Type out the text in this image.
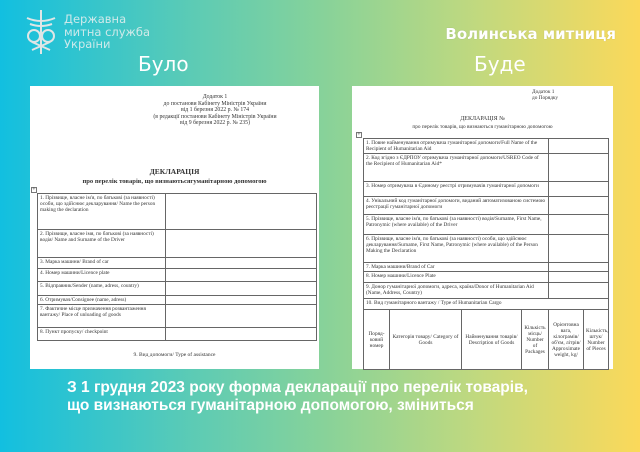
Державна
митна служба
України
Волинська митниця
Було	Буде
Додаток 1
до постанови Кабінету Міністрів України
від 1 березня 2022 р. № 174
(в редакції постанови Кабінету Міністрів України
від 9 березня 2022 р. № 235)
ДЕКЛАРАЦІЯ
про перелік товарів, що визнаютьсягуманітарною допомогою
+
1. Прізвище, власне ім'я, по батькові (за наявності) особи, що здійснює декларування/ Name the person making the declaration	
2. Прізвище, власне імя, по батькові (за наявності) водія/ Name and Surname of the Driver	
3. Марка машини/ Brand of car	
4. Номер машини/Licence plate	
5. Відправник/Sender (name, adress, country)	
6. Отримувач/Consignee (name, adress)	
7. Фактичне місце призначення розвантаження вантажу/ Place of unloading of goods	
8. Пункт пропуску/ checkpoint	
9. Вид допомоги/ Type of assistance
Додаток 1
до Порядку
ДЕКЛАРАЦІЯ №
про перелік товарів, що визнаються гуманітарною допомогою
+
1. Повне найменування отримувача гуманітарної допомоги/Full Name of the Recipient of Humanitarian Aid					
2. Код згідно з ЄДРПОУ отримувача гуманітарної допомоги/USREO Code of the Recipient of Humanitarian Aid*					
3. Номер отримувача в Єдиному реєстрі отримувачів гуманітарної допомоги					
4. Унікальний код гуманітарної допомоги, виданий автоматизованою системою реєстрації гуманітарної допомоги					
5. Прізвище, власне ім'я, по батькові (за наявності) водія/Surname, First Name, Patronymic (where available) of the Driver					
6. Прізвище, власне ім'я, по батькові (за наявності) особи, що здійснює декларування/Surname, First Name, Patronymic (where available) of the Person Making the Declaration					
7. Марка машини/Brand of Car					
8. Номер машини/Licence Plate					
9. Донор гуманітарної допомоги, адреса, країна/Donor of Humanitarian Aid (Name, Address, Country)					
10. Вид гуманітарного вантажу / Type of Humanitarian Cargo					
Поряд-ковий номер	Категорія товару/ Category of Goods	Найменування товарів/ Description of Goods	Кількість місць/ Number of Packages	Орієнтовна вага, кілограмів/ об'єм, літрів/ Approximate weight, kg/	Кількість, штук/ Number of Pieces
З 1 грудня 2023 року форма декларації про перелік товарів,
що визнаються гуманітарною допомогою, зміниться
